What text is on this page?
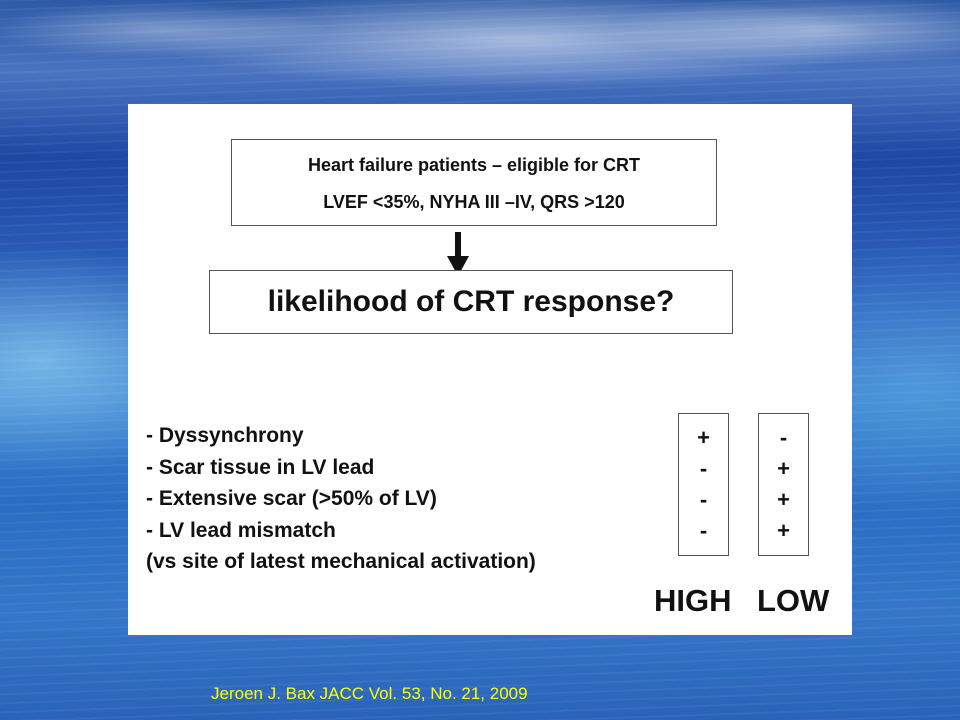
Heart failure patients – eligible for CRT
LVEF <35%, NYHA III –IV, QRS >120
likelihood of CRT response?
- Dyssynchrony
- Scar tissue in LV lead
- Extensive scar (>50% of LV)
- LV lead mismatch
(vs site of latest mechanical activation)
+
-
-
-
-
+
+
+
HIGH LOW
Jeroen J. Bax JACC Vol. 53, No. 21, 2009
